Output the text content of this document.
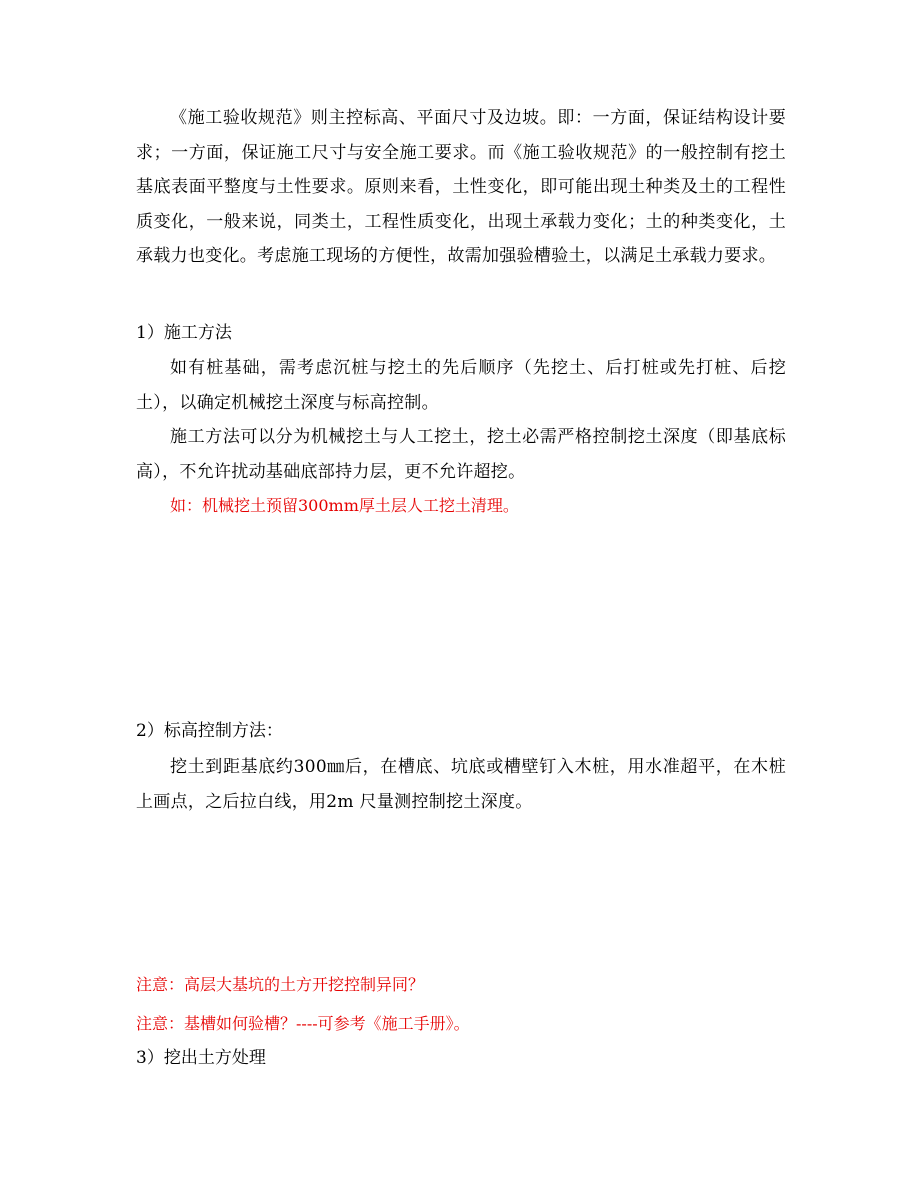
《施工验收规范》则主控标高、平面尺寸及边坡。即：一方面，保证结构设计要求；一方面，保证施工尺寸与安全施工要求。而《施工验收规范》的一般控制有挖土基底表面平整度与土性要求。原则来看，土性变化，即可能出现土种类及土的工程性质变化，一般来说，同类土，工程性质变化，出现土承载力变化；土的种类变化，土承载力也变化。考虑施工现场的方便性，故需加强验槽验土，以满足土承载力要求。

1）施工方法

如有桩基础，需考虑沉桩与挖土的先后顺序（先挖土、后打桩或先打桩、后挖土），以确定机械挖土深度与标高控制。

施工方法可以分为机械挖土与人工挖土，挖土必需严格控制挖土深度（即基底标高），不允许扰动基础底部持力层，更不允许超挖。

如：机械挖土预留300mm厚土层人工挖土清理。

2）标高控制方法：

挖土到距基底约300㎜后，在槽底、坑底或槽壁钉入木桩，用水准超平，在木桩上画点，之后拉白线，用2m 尺量测控制挖土深度。

注意：高层大基坑的土方开挖控制异同？

注意：基槽如何验槽？----可参考《施工手册》。

3）挖出土方处理
